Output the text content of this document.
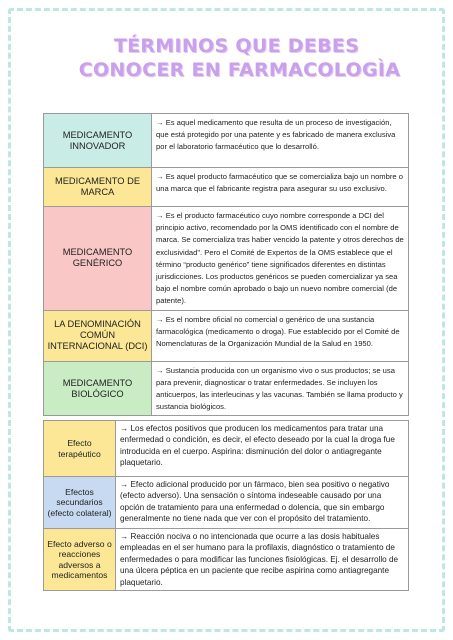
TÉRMINOS QUE DEBES
CONOCER EN FARMACOLOGÌA
MEDICAMENTO INNOVADOR	→ Es aquel medicamento que resulta de un proceso de investigación, que está protegido por una patente y es fabricado de manera exclusiva por el laboratorio farmacéutico que lo desarrolló.
MEDICAMENTO DE MARCA	→ Es aquel producto farmacéutico que se comercializa bajo un nombre o una marca que el fabricante registra para asegurar su uso exclusivo.
MEDICAMENTO GENÉRICO	→ Es el producto farmacéutico cuyo nombre corresponde a DCI del principio activo, recomendado por la OMS identificado con el nombre de marca. Se comercializa tras haber vencido la patente y otros derechos de exclusividad". Pero el Comité de Expertos de la OMS establece que el término “producto genérico” tiene significados diferentes en distintas jurisdicciones. Los productos genéricos se pueden comercializar ya sea bajo el nombre común aprobado o bajo un nuevo nombre comercial (de patente).
LA DENOMINACIÓN COMÚN INTERNACIONAL (DCI)	→ Es el nombre oficial no comercial o genérico de una sustancia farmacológica (medicamento o droga). Fue establecido por el Comité de Nomenclaturas de la Organización Mundial de la Salud en 1950.
MEDICAMENTO BIOLÓGICO	→ Sustancia producida con un organismo vivo o sus productos; se usa para prevenir, diagnosticar o tratar enfermedades. Se incluyen los anticuerpos, las interleucinas y las vacunas. También se llama producto y sustancia biológicos.
Efecto terapéutico	→ Los efectos positivos que producen los medicamentos para tratar una enfermedad o condición, es decir, el efecto deseado por la cual la droga fue introducida en el cuerpo. Aspirina: disminución del dolor o antiagregante plaquetario.
Efectos secundarios (efecto colateral)	→ Efecto adicional producido por un fármaco, bien sea positivo o negativo (efecto adverso). Una sensación o síntoma indeseable causado por una opción de tratamiento para una enfermedad o dolencia, que sin embargo generalmente no tiene nada que ver con el propósito del tratamiento.
Efecto adverso o reacciones adversos a medicamentos	→ Reacción nociva o no intencionada que ocurre a las dosis habituales empleadas en el ser humano para la profilaxis, diagnóstico o tratamiento de enfermedades o para modificar las funciones fisiológicas. Ej. el desarrollo de una úlcera péptica en un paciente que recibe aspirina como antiagregante plaquetario.
